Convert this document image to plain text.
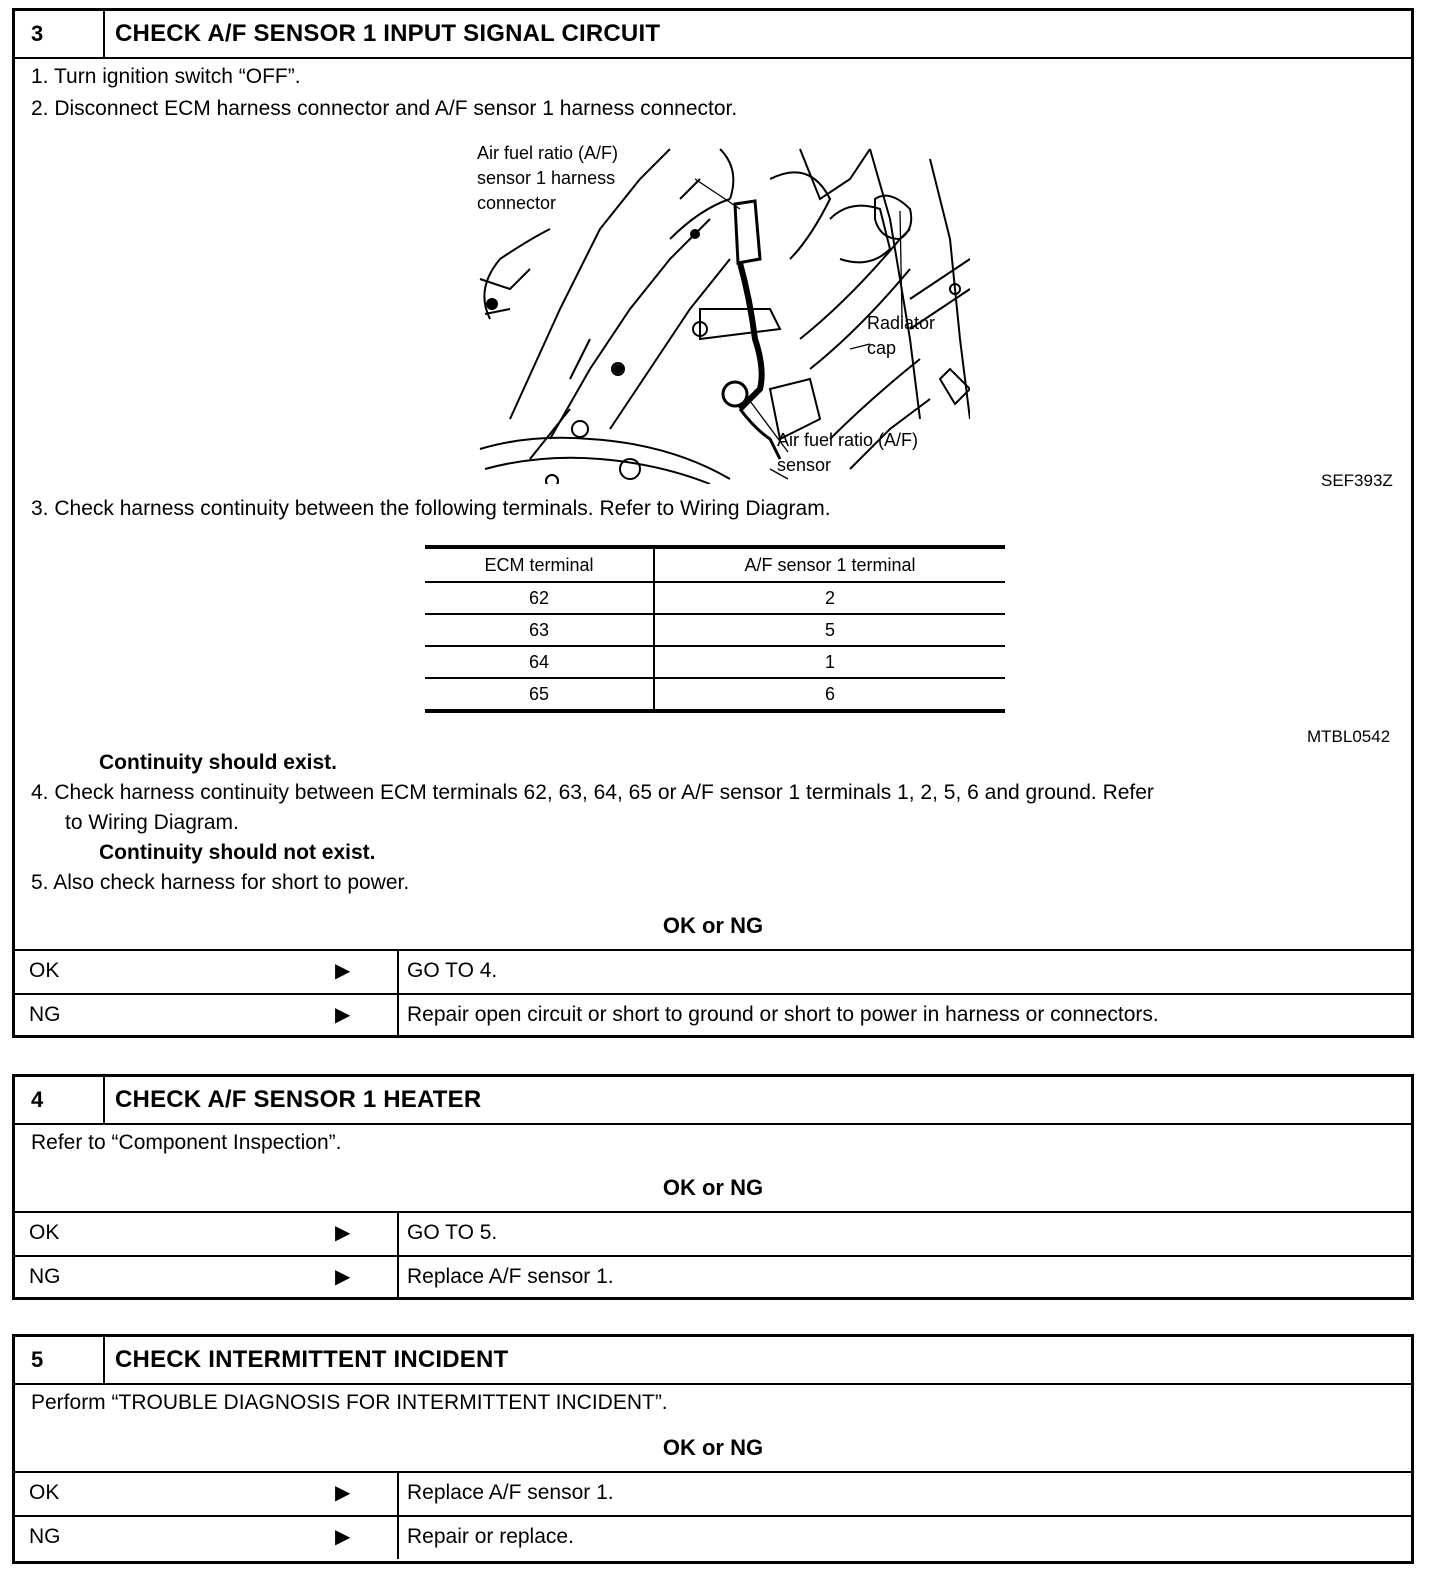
3	CHECK A/F SENSOR 1 INPUT SIGNAL CIRCUIT
1. Turn ignition switch “OFF”.
2. Disconnect ECM harness connector and A/F sensor 1 harness connector.
Air fuel ratio (A/F)
sensor 1 harness
connector
Radiator
cap
Air fuel ratio (A/F)
sensor
SEF393Z
3. Check harness continuity between the following terminals. Refer to Wiring Diagram.
ECM terminal	A/F sensor 1 terminal
62	2
63	5
64	1
65	6
MTBL0542
Continuity should exist.
4. Check harness continuity between ECM terminals 62, 63, 64, 65 or A/F sensor 1 terminals 1, 2, 5, 6 and ground. Refer
to Wiring Diagram.
Continuity should not exist.
5. Also check harness for short to power.
OK or NG
OK	▶	GO TO 4.
NG	▶	Repair open circuit or short to ground or short to power in harness or connectors.
4	CHECK A/F SENSOR 1 HEATER
Refer to “Component Inspection”.
OK or NG
OK	▶	GO TO 5.
NG	▶	Replace A/F sensor 1.
5	CHECK INTERMITTENT INCIDENT
Perform “TROUBLE DIAGNOSIS FOR INTERMITTENT INCIDENT”.
OK or NG
OK	▶	Replace A/F sensor 1.
NG	▶	Repair or replace.
